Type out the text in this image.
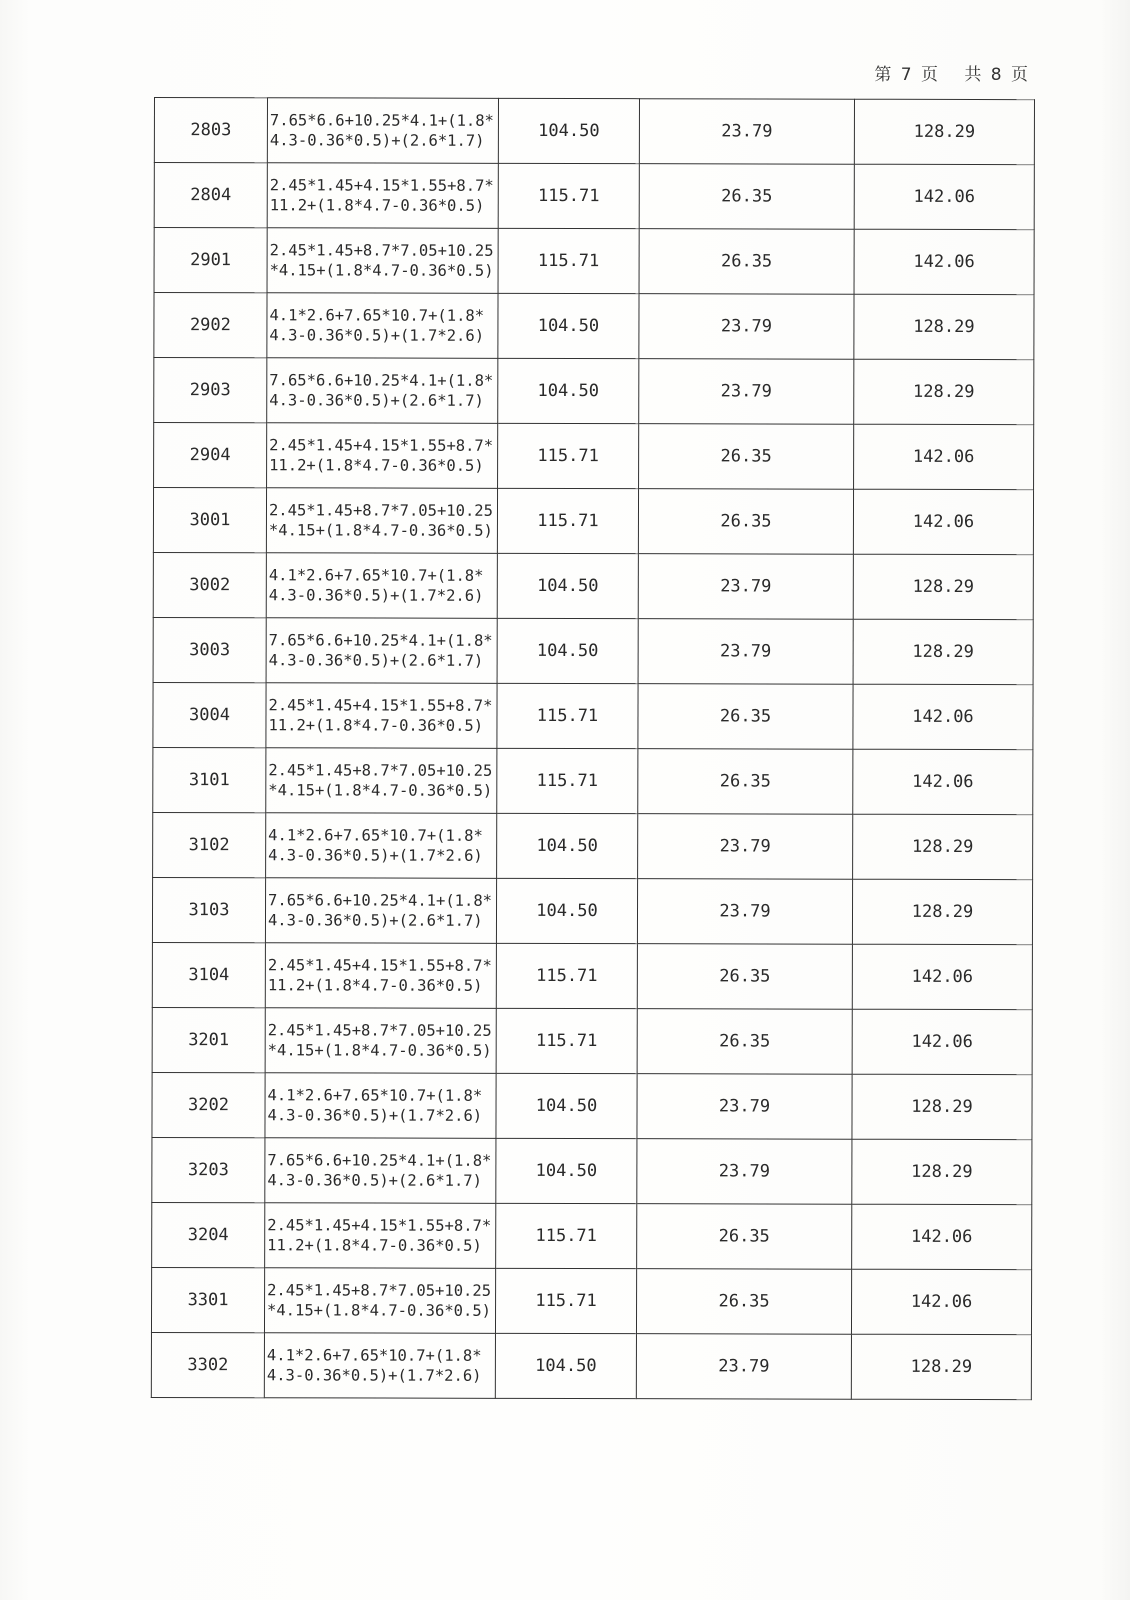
第 7 页　 共 8 页
2803	7.65*6.6+10.25*4.1+(1.8*4.3-0.36*0.5)+(2.6*1.7)	104.50	23.79	128.29
2804	2.45*1.45+4.15*1.55+8.7*11.2+(1.8*4.7-0.36*0.5)	115.71	26.35	142.06
2901	2.45*1.45+8.7*7.05+10.25*4.15+(1.8*4.7-0.36*0.5)	115.71	26.35	142.06
2902	4.1*2.6+7.65*10.7+(1.8*4.3-0.36*0.5)+(1.7*2.6)	104.50	23.79	128.29
2903	7.65*6.6+10.25*4.1+(1.8*4.3-0.36*0.5)+(2.6*1.7)	104.50	23.79	128.29
2904	2.45*1.45+4.15*1.55+8.7*11.2+(1.8*4.7-0.36*0.5)	115.71	26.35	142.06
3001	2.45*1.45+8.7*7.05+10.25*4.15+(1.8*4.7-0.36*0.5)	115.71	26.35	142.06
3002	4.1*2.6+7.65*10.7+(1.8*4.3-0.36*0.5)+(1.7*2.6)	104.50	23.79	128.29
3003	7.65*6.6+10.25*4.1+(1.8*4.3-0.36*0.5)+(2.6*1.7)	104.50	23.79	128.29
3004	2.45*1.45+4.15*1.55+8.7*11.2+(1.8*4.7-0.36*0.5)	115.71	26.35	142.06
3101	2.45*1.45+8.7*7.05+10.25*4.15+(1.8*4.7-0.36*0.5)	115.71	26.35	142.06
3102	4.1*2.6+7.65*10.7+(1.8*4.3-0.36*0.5)+(1.7*2.6)	104.50	23.79	128.29
3103	7.65*6.6+10.25*4.1+(1.8*4.3-0.36*0.5)+(2.6*1.7)	104.50	23.79	128.29
3104	2.45*1.45+4.15*1.55+8.7*11.2+(1.8*4.7-0.36*0.5)	115.71	26.35	142.06
3201	2.45*1.45+8.7*7.05+10.25*4.15+(1.8*4.7-0.36*0.5)	115.71	26.35	142.06
3202	4.1*2.6+7.65*10.7+(1.8*4.3-0.36*0.5)+(1.7*2.6)	104.50	23.79	128.29
3203	7.65*6.6+10.25*4.1+(1.8*4.3-0.36*0.5)+(2.6*1.7)	104.50	23.79	128.29
3204	2.45*1.45+4.15*1.55+8.7*11.2+(1.8*4.7-0.36*0.5)	115.71	26.35	142.06
3301	2.45*1.45+8.7*7.05+10.25*4.15+(1.8*4.7-0.36*0.5)	115.71	26.35	142.06
3302	4.1*2.6+7.65*10.7+(1.8*4.3-0.36*0.5)+(1.7*2.6)	104.50	23.79	128.29
